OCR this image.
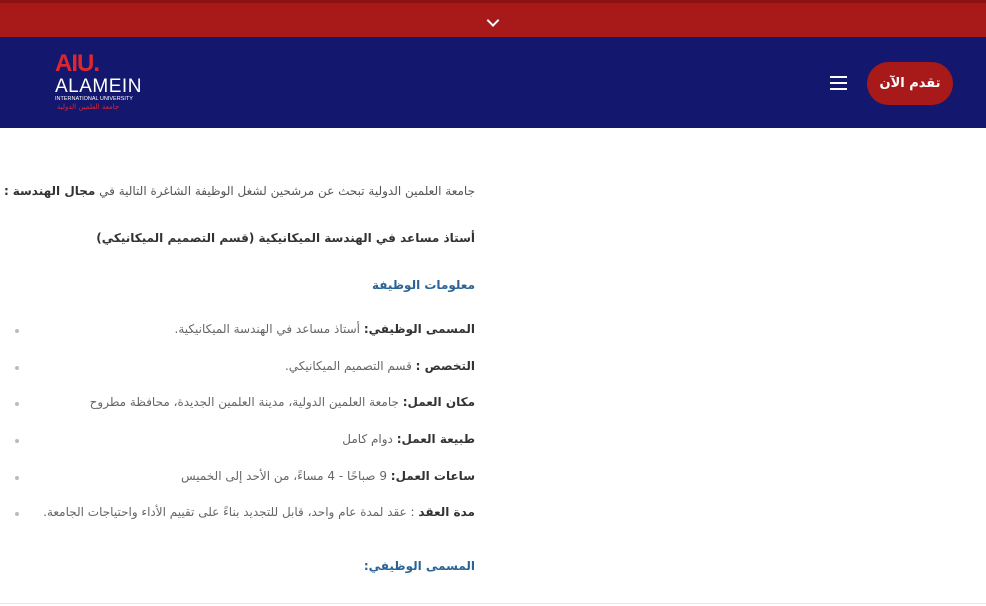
AIU.
ALAMEIN
INTERNATIONAL UNIVERSITY
جامعة العلمين الدولية
تقدم الآن
جامعة العلمين الدولية تبحث عن مرشحين لشغل الوظيفة الشاغرة التالية في مجال الهندسة :
أستاذ مساعد في الهندسة الميكانيكية (قسم التصميم الميكانيكي)
معلومات الوظيفة
المسمى الوظيفي: أستاذ مساعد في الهندسة الميكانيكية.
التخصص : قسم التصميم الميكانيكي.
مكان العمل: جامعة العلمين الدولية، مدينة العلمين الجديدة، محافظة مطروح
طبيعة العمل: دوام كامل
ساعات العمل: 9 صباحًا - 4 مساءً، من الأحد إلى الخميس
مدة العقد : عقد لمدة عام واحد، قابل للتجديد بناءً على تقييم الأداء واحتياجات الجامعة.
المسمى الوظيفي:
